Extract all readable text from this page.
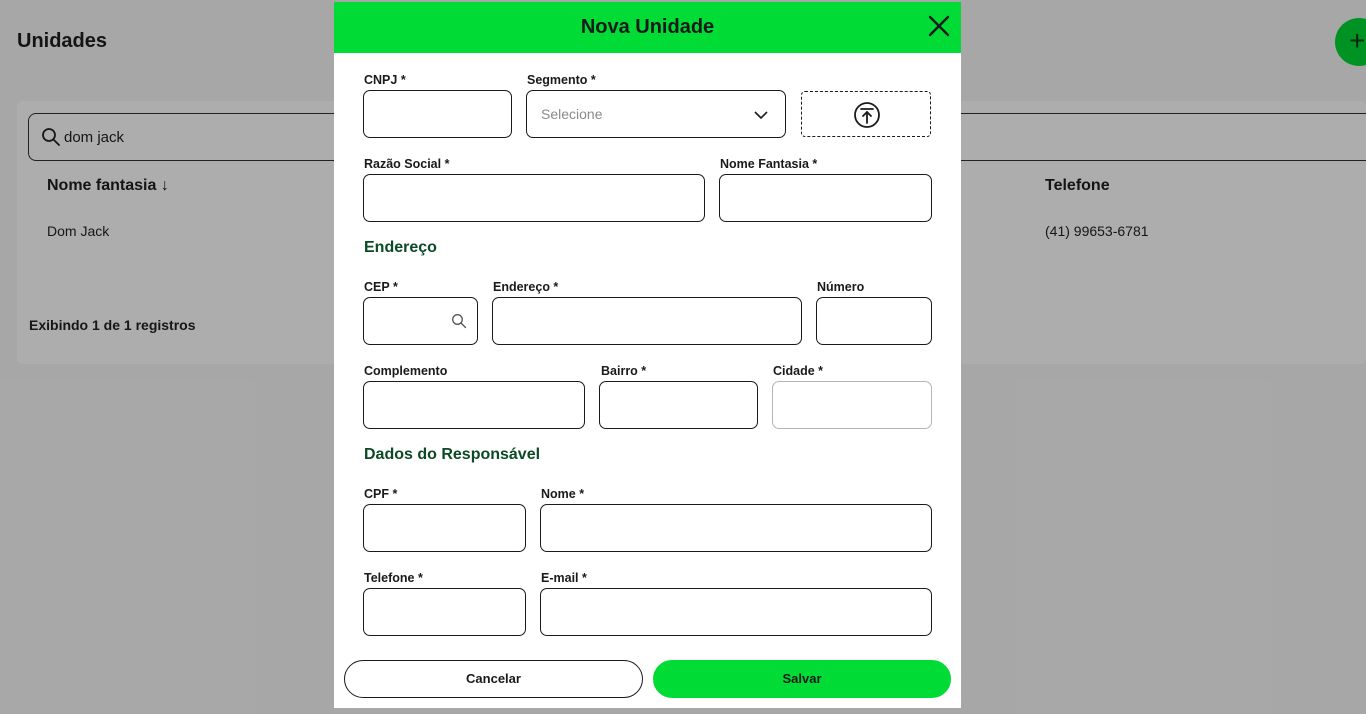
Unidades	+
dom jack
Nome fantasia ↓	Telefone
Dom Jack	(41) 99653-6781
Exibindo 1 de 1 registros
Nova Unidade
CNPJ *	Segmento *
Selecione
Razão Social *	Nome Fantasia *
Endereço
CEP *	Endereço *	Número
Complemento	Bairro *	Cidade *
Dados do Responsável
CPF *	Nome *
Telefone *	E-mail *
Cancelar	Salvar
